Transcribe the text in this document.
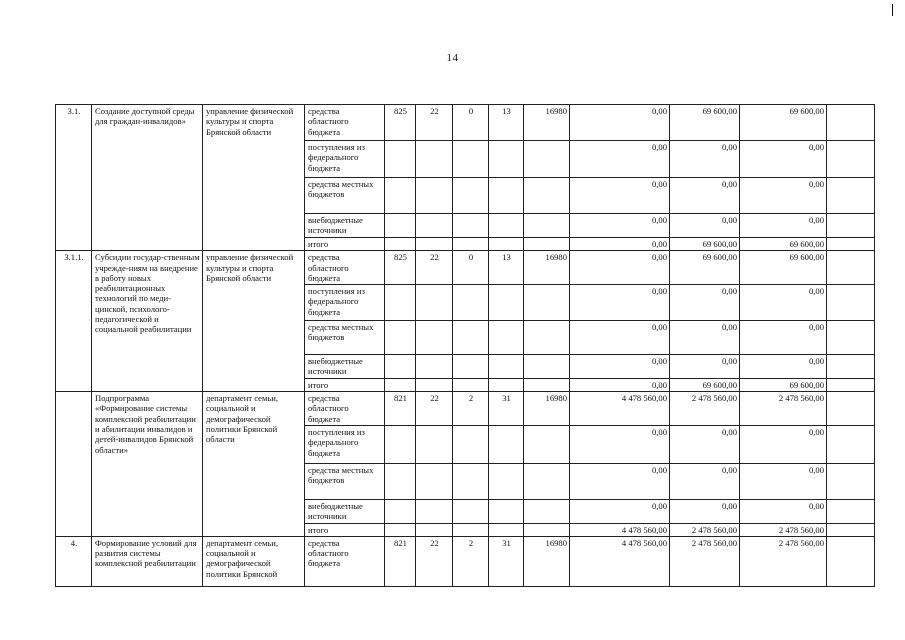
14
3.1.	Создание доступной среды для граждан-инвалидов»	управление физической культуры и спорта Брянской области	средства областного бюджета	825	22	0	13	16980	0,00	69 600,00	69 600,00	
			поступления из федерального бюджета						0,00	0,00	0,00	
			средства местных бюджетов						0,00	0,00	0,00	
			внебюджетные источники						0,00	0,00	0,00	
			итого						0,00	69 600,00	69 600,00	
3.1.1.	Субсидии государ-ственным учрежде-ниям на внедрение в работу новых реабилитационных технологий по меди-цинской, психолого-педагогической и социальной реабилитации	управление физической культуры и спорта Брянской области	средства областного бюджета	825	22	0	13	16980	0,00	69 600,00	69 600,00	
			поступления из федерального бюджета						0,00	0,00	0,00	
			средства местных бюджетов						0,00	0,00	0,00	
			внебюджетные источники						0,00	0,00	0,00	
			итого						0,00	69 600,00	69 600,00	
	Подпрограмма «Формирование системы комплексной реабилитации и абилитации инвалидов и детей-инвалидов Брянской области»	департамент семьи, социальной и демографической политики Брянской области	средства областного бюджета	821	22	2	31	16980	4 478 560,00	2 478 560,00	2 478 560,00	
			поступления из федерального бюджета						0,00	0,00	0,00	
			средства местных бюджетов						0,00	0,00	0,00	
			внебюджетные источники						0,00	0,00	0,00	
			итого						4 478 560,00	2 478 560,00	2 478 560,00	
4.	Формирование условий для развития системы комплексной реабилитации	департамент семьи, социальной и демографической политики Брянской	средства областного бюджета	821	22	2	31	16980	4 478 560,00	2 478 560,00	2 478 560,00	
